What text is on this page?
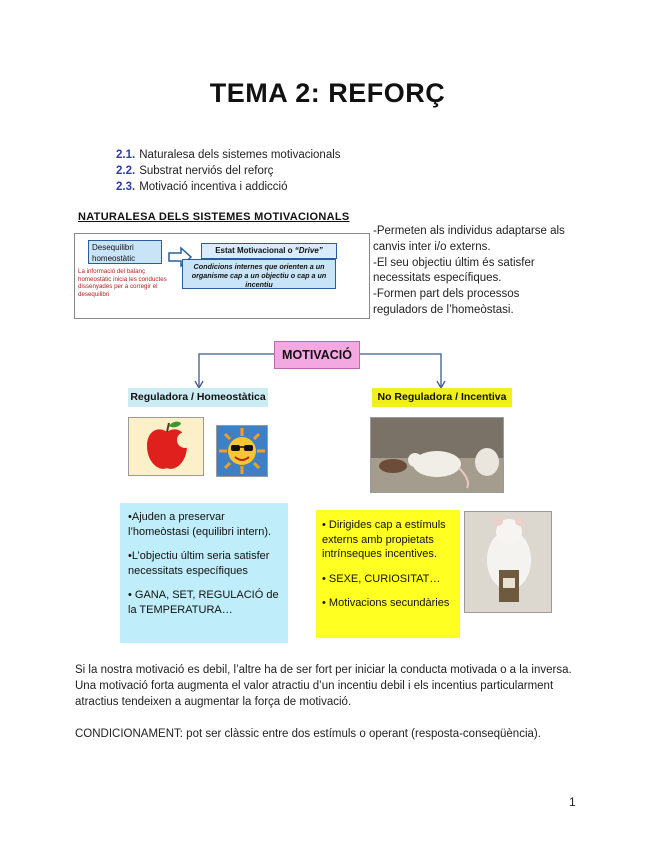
TEMA 2: REFORÇ
2.1. Naturalesa dels sistemes motivacionals
2.2. Substrat nerviós del reforç
2.3. Motivació incentiva i addicció
NATURALESA DELS SISTEMES MOTIVACIONALS
Desequilibri homeostàtic
La informació del balanç homeostàtic inicia les conductes dissenyades per a corregir el desequilibri
Estat Motivacional o “Drive”
Condicions internes que orienten a un organisme cap a un objectiu o cap a un incentiu
-Permeten als individus adaptarse als
canvis inter i/o externs.
-El seu objectiu últim és satisfer
necessitats específiques.
-Formen part dels processos
reguladors de l’homeòstasi.
MOTIVACIÓ
Reguladora / Homeostàtica	No Reguladora / Incentiva

•Ajuden a preservar l’homeòstasi (equilibri intern).

•L’objectiu últim seria satisfer necessitats específiques

• GANA, SET, REGULACIÓ de la TEMPERATURA…

• Dirigides cap a estímuls externs amb propietats intrínseques incentives.

• SEXE, CURIOSITAT…

• Motivacions secundàries

Si la nostra motivació es debil, l’altre ha de ser fort per iniciar la conducta motivada o a la inversa. Una motivació forta augmenta el valor atractiu d’un incentiu debil i els incentius particularment atractius tendeixen a augmentar la força de motivació.
CONDICIONAMENT: pot ser clàssic entre dos estímuls o operant (resposta-conseqüència).
1
